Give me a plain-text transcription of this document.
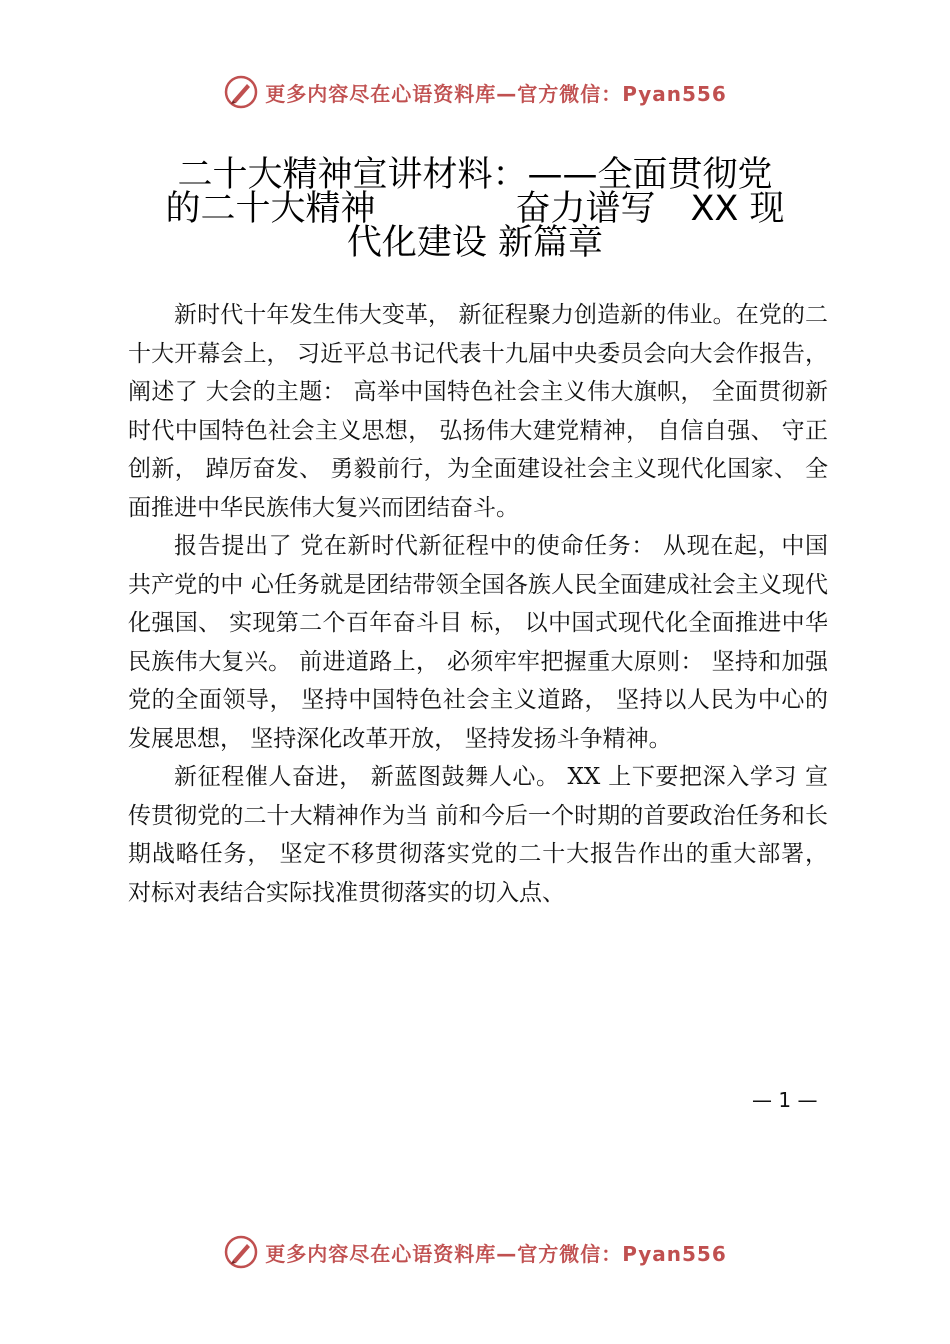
更多内容尽在心语资料库—官方微信：Pyan556
二十大精神宣讲材料：——全面贯彻党
的二十大精神　　　　奋力谱写　XX 现
代化建设 新篇章

新时代十年发生伟大变革， 新征程聚力创造新的伟业。在党的二十大开幕会上， 习近平总书记代表十九届中央委员会向大会作报告， 阐述了 大会的主题： 高举中国特色社会主义伟大旗帜， 全面贯彻新时代中国特色社会主义思想， 弘扬伟大建党精神， 自信自强、 守正创新， 踔厉奋发、 勇毅前行，为全面建设社会主义现代化国家、 全面推进中华民族伟大复兴而团结奋斗。

报告提出了 党在新时代新征程中的使命任务： 从现在起，中国共产党的中 心任务就是团结带领全国各族人民全面建成社会主义现代化强国、 实现第二个百年奋斗目 标， 以中国式现代化全面推进中华民族伟大复兴。 前进道路上， 必须牢牢把握重大原则： 坚持和加强党的全面领导， 坚持中国特色社会主义道路， 坚持以人民为中心的发展思想， 坚持深化改革开放， 坚持发扬斗争精神。

新征程催人奋进， 新蓝图鼓舞人心。 XX 上下要把深入学习 宣传贯彻党的二十大精神作为当 前和今后一个时期的首要政治任务和长期战略任务， 坚定不移贯彻落实党的二十大报告作出的重大部署， 对标对表结合实际找准贯彻落实的切入点、

— 1 —
更多内容尽在心语资料库—官方微信：Pyan556
